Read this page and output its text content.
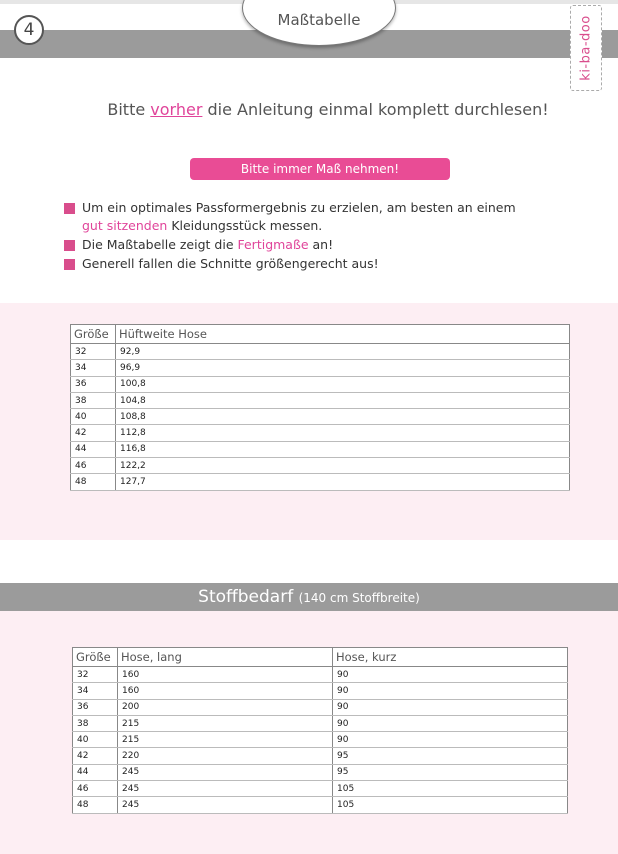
4	Maßtabelle	ki-ba-doo
Bitte vorher die Anleitung einmal komplett durchlesen!
Bitte immer Maß nehmen!
Um ein optimales Passformergebnis zu erzielen, am besten an einem
gut sitzenden Kleidungsstück messen.
Die Maßtabelle zeigt die Fertigmaße an!
Generell fallen die Schnitte größengerecht aus!
Größe	Hüftweite Hose
32	92,9
34	96,9
36	100,8
38	104,8
40	108,8
42	112,8
44	116,8
46	122,2
48	127,7
Stoffbedarf (140 cm Stoffbreite)
Größe	Hose, lang	Hose, kurz
32	160	90
34	160	90
36	200	90
38	215	90
40	215	90
42	220	95
44	245	95
46	245	105
48	245	105
